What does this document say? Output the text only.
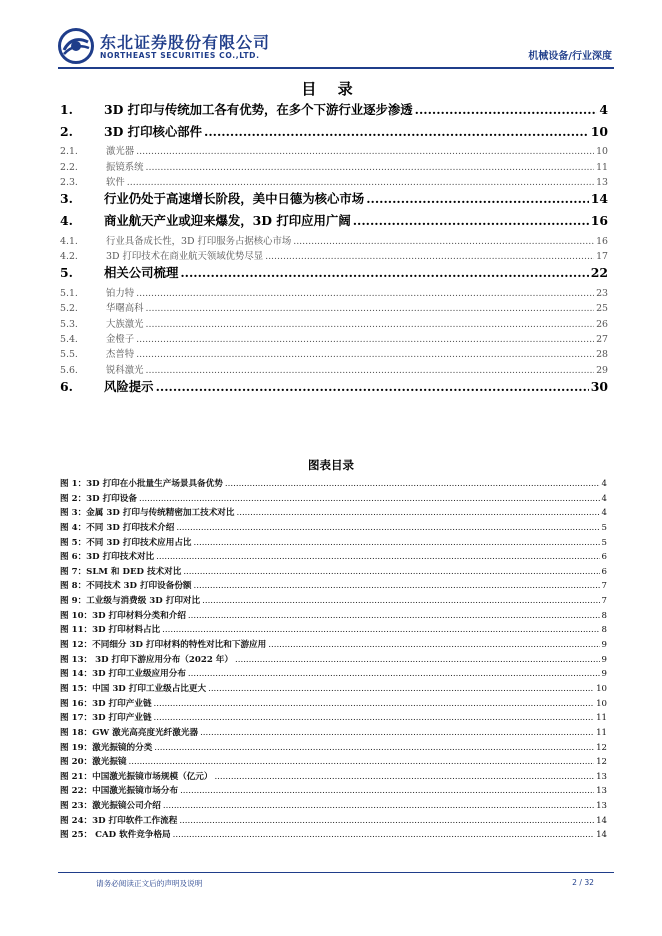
东北证券股份有限公司
NORTHEAST SECURITIES CO.,LTD.	机械设备/行业深度
目 录
1.	3D 打印与传统加工各有优势，在多个下游行业逐步渗透 .....	4
2.	3D 打印核心部件 .....	10
2.1.	激光器 .....	10
2.2.	振镜系统 .....	11
2.3.	软件 .....	13
3.	行业仍处于高速增长阶段，美中日德为核心市场 .....	14
4.	商业航天产业或迎来爆发，3D 打印应用广阔 .....	16
4.1.	行业具备成长性，3D 打印服务占据核心市场 .....	16
4.2.	3D 打印技术在商业航天领域优势尽显 .....	17
5.	相关公司梳理 .....	22
5.1.	铂力特 .....	23
5.2.	华曙高科 .....	25
5.3.	大族激光 .....	26
5.4.	金橙子 .....	27
5.5.	杰普特 .....	28
5.6.	锐科激光 .....	29
6.	风险提示 .....	30
图表目录
图 1：3D 打印在小批量生产场景具备优势 .....	4
图 2：3D 打印设备 .....	4
图 3：金属 3D 打印与传统精密加工技术对比 .....	4
图 4：不同 3D 打印技术介绍 .....	5
图 5：不同 3D 打印技术应用占比 .....	5
图 6：3D 打印技术对比 .....	6
图 7：SLM 和 DED 技术对比 .....	6
图 8：不同技术 3D 打印设备份额 .....	7
图 9：工业级与消费级 3D 打印对比 .....	7
图 10：3D 打印材料分类和介绍 .....	8
图 11：3D 打印材料占比 .....	8
图 12：不同细分 3D 打印材料的特性对比和下游应用 .....	9
图 13： 3D 打印下游应用分布（2022 年） .....	9
图 14：3D 打印工业级应用分布 .....	9
图 15：中国 3D 打印工业级占比更大 .....	10
图 16：3D 打印产业链 .....	10
图 17：3D 打印产业链 .....	11
图 18：GW 激光高亮度光纤激光器 .....	11
图 19：激光振镜的分类 .....	12
图 20：激光振镜 .....	12
图 21：中国激光振镜市场规模（亿元） .....	13
图 22：中国激光振镜市场分布 .....	13
图 23：激光振镜公司介绍 .....	13
图 24：3D 打印软件工作流程 .....	14
图 25： CAD 软件竞争格局 .....	14
请务必阅读正文后的声明及说明	2 / 32
